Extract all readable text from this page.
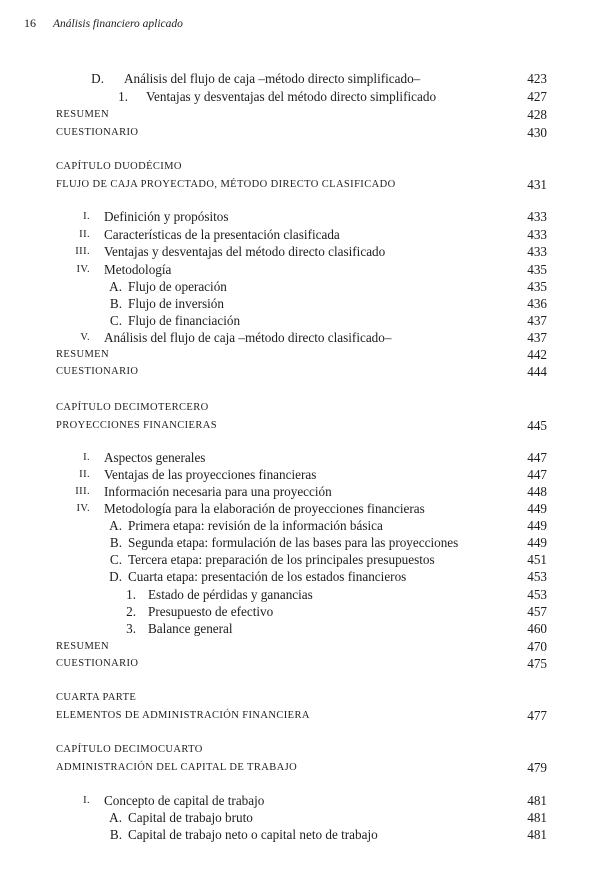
16 Análisis financiero aplicado
D. Análisis del flujo de caja –método directo simplificado–	423
1. Ventajas y desventajas del método directo simplificado	427
RESUMEN	428
CUESTIONARIO	430
CAPÍTULO DUODÉCIMO
FLUJO DE CAJA PROYECTADO, MÉTODO DIRECTO CLASIFICADO	431
I. Definición y propósitos	433
II. Características de la presentación clasificada	433
III. Ventajas y desventajas del método directo clasificado	433
IV. Metodología	435
A. Flujo de operación	435
B. Flujo de inversión	436
C. Flujo de financiación	437
V. Análisis del flujo de caja –método directo clasificado–	437
RESUMEN	442
CUESTIONARIO	444
CAPÍTULO DECIMOTERCERO
PROYECCIONES FINANCIERAS	445
I. Aspectos generales	447
II. Ventajas de las proyecciones financieras	447
III. Información necesaria para una proyección	448
IV. Metodología para la elaboración de proyecciones financieras	449
A. Primera etapa: revisión de la información básica	449
B. Segunda etapa: formulación de las bases para las proyecciones	449
C. Tercera etapa: preparación de los principales presupuestos	451
D. Cuarta etapa: presentación de los estados financieros	453
1. Estado de pérdidas y ganancias	453
2. Presupuesto de efectivo	457
3. Balance general	460
RESUMEN	470
CUESTIONARIO	475
CUARTA PARTE
ELEMENTOS DE ADMINISTRACIÓN FINANCIERA	477
CAPÍTULO DECIMOCUARTO
ADMINISTRACIÓN DEL CAPITAL DE TRABAJO	479
I. Concepto de capital de trabajo	481
A. Capital de trabajo bruto	481
B. Capital de trabajo neto o capital neto de trabajo	481
